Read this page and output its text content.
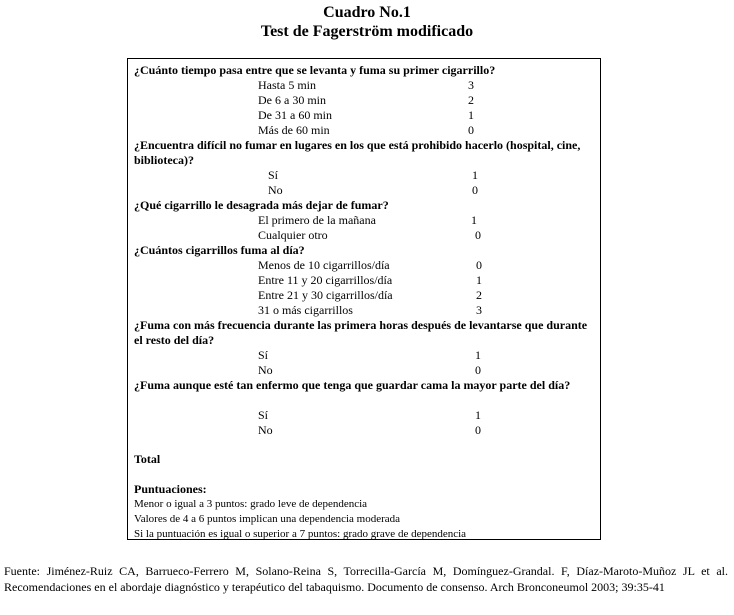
Cuadro No.1
Test de Fagerström modificado
¿Cuánto tiempo pasa entre que se levanta y fuma su primer cigarrillo?
Hasta 5 min	3
De 6 a 30 min	2
De 31 a 60 min	1
Más de 60 min	0
¿Encuentra difícil no fumar en lugares en los que está prohibido hacerlo (hospital, cine, biblioteca)?
Sí	1
No	0
¿Qué cigarrillo le desagrada más dejar de fumar?
El primero de la mañana	1
Cualquier otro	0
¿Cuántos cigarrillos fuma al día?
Menos de 10 cigarrillos/día	0
Entre 11 y 20 cigarrillos/día	1
Entre 21 y 30 cigarrillos/día	2
31 o más cigarrillos	3
¿Fuma con más frecuencia durante las primera horas después de levantarse que durante el resto del día?
Sí	1
No	0
¿Fuma aunque esté tan enfermo que tenga que guardar cama la mayor parte del día?
Sí	1
No	0
Total
Puntuaciones:
Menor o igual a 3 puntos: grado leve de dependencia
Valores de 4 a 6 puntos implican una dependencia moderada
Si la puntuación es igual o superior a 7 puntos: grado grave de dependencia
Fuente: Jiménez-Ruiz CA, Barrueco-Ferrero M, Solano-Reina S, Torrecilla-García M, Domínguez-Grandal. F, Díaz-Maroto-Muñoz JL et al. Recomendaciones en el abordaje diagnóstico y terapéutico del tabaquismo. Documento de consenso. Arch Bronconeumol 2003; 39:35-41
